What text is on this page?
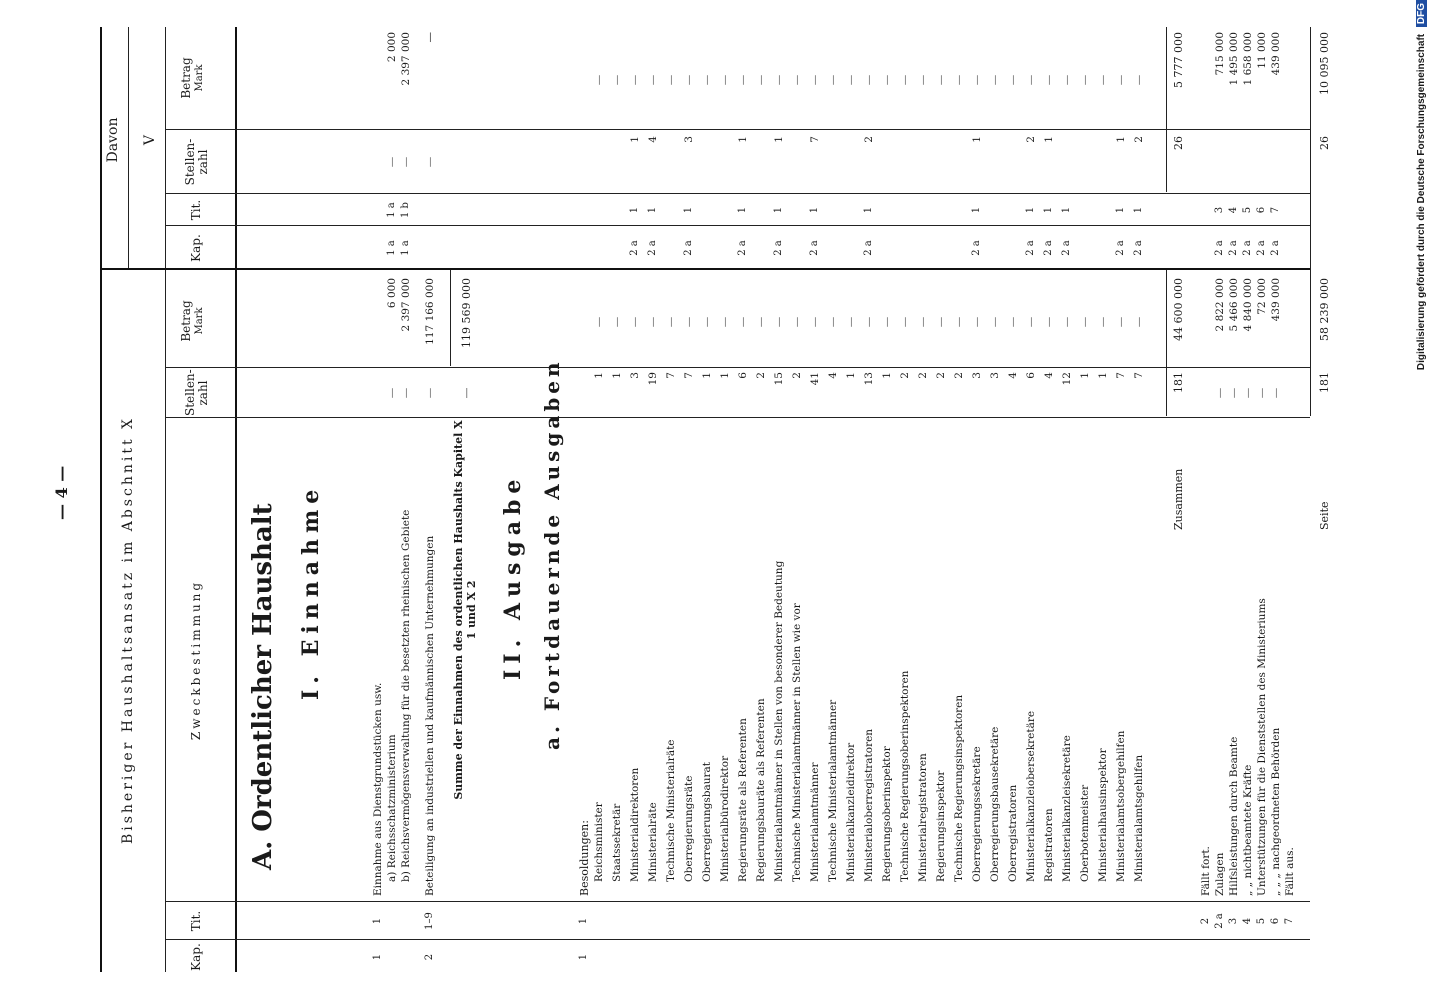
— 4 —	Bisheriger Haushaltsansatz im Abschnitt X
Davon V
Kap.
Tit.
Zweckbestimmung
Stellen-zahl
Betrag Mark
Kap.
Tit.
Stellen-zahl
Betrag Mark
A. Ordentlicher Haushalt I. Einnahme
1
1
Einnahme aus Dienstgrundstücken usw. a) Reichsschatzministerium
—
6 000
1 a
1 a
—
2 000
b) Reichsvermögensverwaltung für die besetzten rheinischen Gebiete
—
2 397 000
1 a
1 b
—
2 397 000
2
1–9
Beteiligung an industriellen und kaufmännischen Unternehmungen
—
117 166 000
—
—
Summe der Einnahmen des ordentlichen Haushalts Kapitel X 1 und X 2
—
119 569 000
II. Ausgabe a. Fortdauernde Ausgaben
1
1
Besoldungen: Reichsminister
1
—
—
Staatssekretär
1
—
—
Ministerialdirektoren
3
—
2 a
1
1
—
Ministerialräte
19
—
2 a
1
4
—
Technische Ministerialräte
7
—
—
Oberregierungsräte
7
—
2 a
1
3
—
Oberregierungsbaurat
1
—
—
Ministerialbürodirektor
1
—
—
Regierungsräte als Referenten
6
—
2 a
1
1
—
Regierungsbauräte als Referenten
2
—
—
Ministerialamtmänner in Stellen von besonderer Bedeutung
15
—
2 a
1
1
—
Technische Ministerialamtmänner in Stellen wie vor
2
—
—
Ministerialamtmänner
41
—
2 a
1
7
—
Technische Ministerialamtmänner
4
—
—
Ministerialkanzleidirektor
1
—
—
Ministerialoberregistratoren
13
—
2 a
1
2
—
Regierungsoberinspektor
1
—
—
Technische Regierungsoberinspektoren
2
—
—
Ministerialregistratoren
2
—
—
Regierungsinspektor
2
—
—
Technische Regierungsinspektoren
2
—
—
Oberregierungssekretäre
3
—
2 a
1
1
—
Oberregierungsbausekretäre
3
—
—
Oberregistratoren
4
—
—
Ministerialkanzleiobersekretäre
6
—
2 a
1
2
—
Registratoren
4
—
2 a
1
1
—
Ministerialkanzleisekretäre
12
—
2 a
1
—
Oberbotenmeister
1
—
—
Ministerialhausinspektor
1
—
—
Ministerialamtsobergehilfen
7
—
2 a
1
1
—
Ministerialamtsgehilfen
7
—
2 a
1
2
—
Zusammen
181
44 600 000
26
5 777 000
2
Fällt fort.
2 a
Zulagen
—
2 822 000
2 a
3
715 000
3
Hilfsleistungen durch Beamte
—
5 466 000
2 a
4
1 495 000
4
„ „ nichtbeamtete Kräfte
—
4 840 000
2 a
5
1 658 000
5
Unterstützungen für die Dienststellen des Ministeriums
—
72 000
2 a
6
11 000
6
„ „ „ nachgeordneten Behörden
—
439 000
2 a
7
439 000
7
Fällt aus.
Seite
181
58 239 000
26
10 095 000	Digitalisierung gefördert durch die Deutsche Forschungsgemeinschaft DFG
